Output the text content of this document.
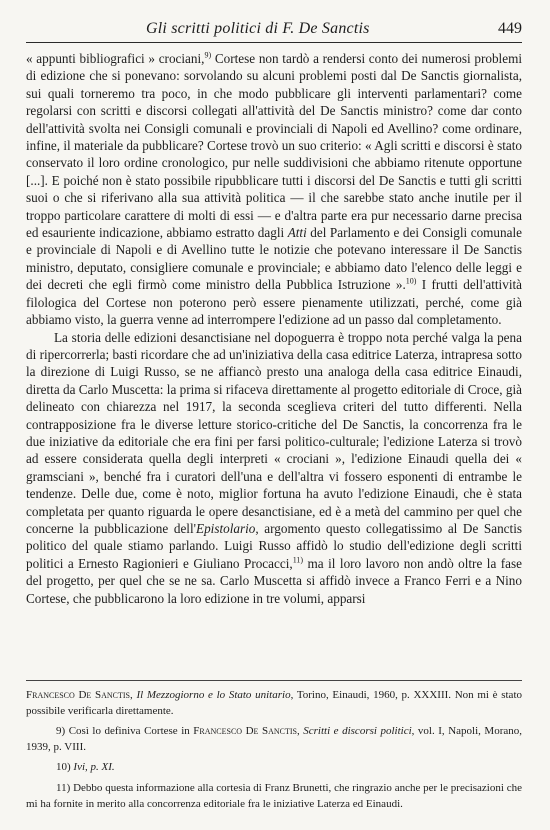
Gli scritti politici di F. De Sanctis	449

« appunti bibliografici » crociani,$^{9)}$ Cortese non tardò a rendersi conto dei numerosi problemi di edizione che si ponevano: sorvolando su alcuni problemi posti dal De Sanctis giornalista, sui quali torneremo tra poco, in che modo pubblicare gli interventi parlamentari? come regolarsi con scritti e discorsi collegati all'attività del De Sanctis ministro? come dar conto dell'attività svolta nei Consigli comunali e provinciali di Napoli ed Avellino? come ordinare, infine, il materiale da pubblicare? Cortese trovò un suo criterio: « Agli scritti e discorsi è stato conservato il loro ordine cronologico, pur nelle suddivisioni che abbiamo ritenute opportune [...]. E poiché non è stato possibile ripubblicare tutti i discorsi del De Sanctis e tutti gli scritti suoi o che si riferivano alla sua attività politica — il che sarebbe stato anche inutile per il troppo particolare carattere di molti di essi — e d'altra parte era pur necessario darne precisa ed esauriente indicazione, abbiamo estratto dagli Atti del Parlamento e dei Consigli comunale e provinciale di Napoli e di Avellino tutte le notizie che potevano interessare il De Sanctis ministro, deputato, consigliere comunale e provinciale; e abbiamo dato l'elenco delle leggi e dei decreti che egli firmò come ministro della Pubblica Istruzione ».$^{10)}$ I frutti dell'attività filologica del Cortese non poterono però essere pienamente utilizzati, perché, come già abbiamo visto, la guerra venne ad interrompere l'edizione ad un passo dal completamento.

La storia delle edizioni desanctisiane nel dopoguerra è troppo nota perché valga la pena di ripercorrerla; basti ricordare che ad un'iniziativa della casa editrice Laterza, intrapresa sotto la direzione di Luigi Russo, se ne affiancò presto una analoga della casa editrice Einaudi, diretta da Carlo Muscetta: la prima si rifaceva direttamente al progetto editoriale di Croce, già delineato con chiarezza nel 1917, la seconda sceglieva criteri del tutto differenti. Nella contrapposizione fra le diverse letture storico-critiche del De Sanctis, la concorrenza fra le due iniziative da editoriale che era fini per farsi politico-culturale; l'edizione Laterza si trovò ad essere considerata quella degli interpreti « crociani », l'edizione Einaudi quella dei « gramsciani », benché fra i curatori dell'una e dell'altra vi fossero esponenti di entrambe le tendenze. Delle due, come è noto, miglior fortuna ha avuto l'edizione Einaudi, che è stata completata per quanto riguarda le opere desanctisiane, ed è a metà del cammino per quel che concerne la pubblicazione dell'Epistolario, argomento questo collegatissimo al De Sanctis politico del quale stiamo parlando. Luigi Russo affidò lo studio dell'edizione degli scritti politici a Ernesto Ragionieri e Giuliano Procacci,$^{11)}$ ma il loro lavoro non andò oltre la fase del progetto, per quel che se ne sa. Carlo Muscetta si affidò invece a Franco Ferri e a Nino Cortese, che pubblicarono la loro edizione in tre volumi, apparsi

Francesco De Sanctis, Il Mezzogiorno e lo Stato unitario, Torino, Einaudi, 1960, p. XXXIII. Non mi è stato possibile verificarla direttamente.

9) Così lo definiva Cortese in Francesco De Sanctis, Scritti e discorsi politici, vol. I, Napoli, Morano, 1939, p. VIII.

10) Ivi, p. XI.

11) Debbo questa informazione alla cortesia di Franz Brunetti, che ringrazio anche per le precisazioni che mi ha fornite in merito alla concorrenza editoriale fra le iniziative Laterza ed Einaudi.
